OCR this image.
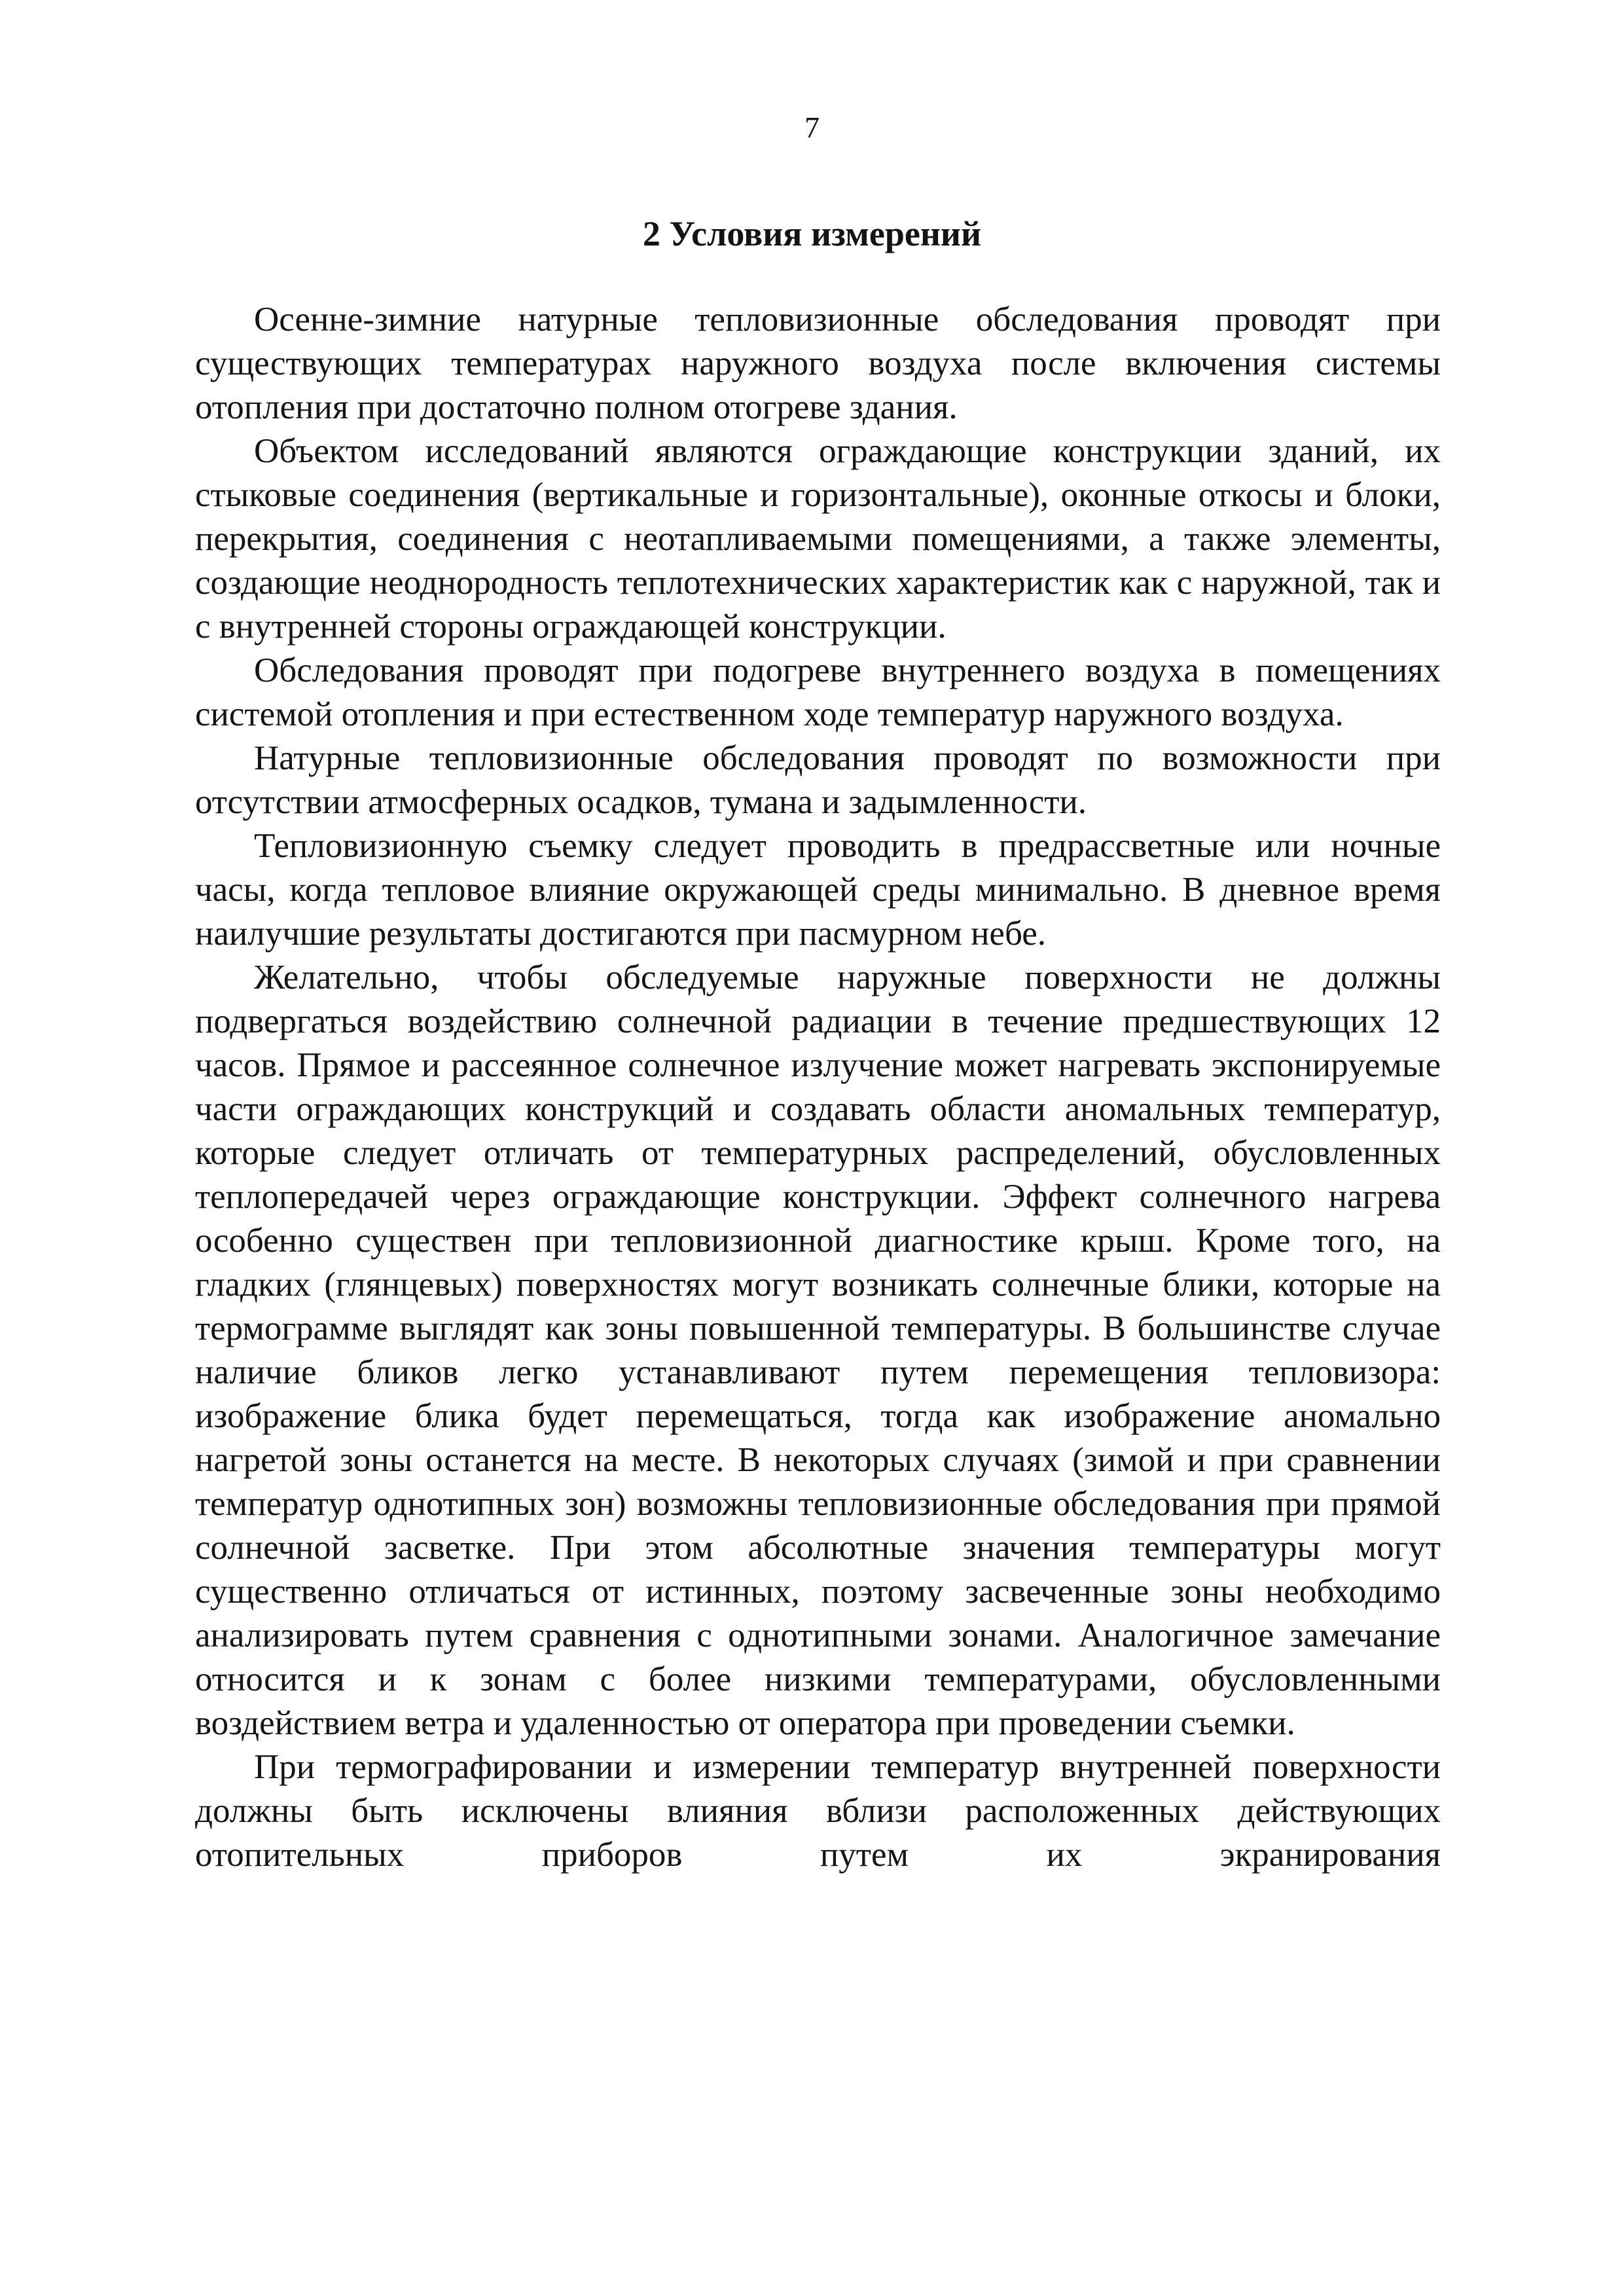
7
2 Условия измерений

Осенне-зимние натурные тепловизионные обследования проводят при существующих температурах наружного воздуха после включения системы отопления при достаточно полном отогреве здания.

Объектом исследований являются ограждающие конструкции зданий, их стыковые соединения (вертикальные и горизонтальные), оконные откосы и блоки, перекрытия, соединения с неотапливаемыми помещениями, а также элементы, создающие неоднородность теплотехнических характеристик как с наружной, так и с внутренней стороны ограждающей конструкции.

Обследования проводят при подогреве внутреннего воздуха в помещениях системой отопления и при естественном ходе температур наружного воздуха.

Натурные тепловизионные обследования проводят по возможности при отсутствии атмосферных осадков, тумана и задымленности.

Тепловизионную съемку следует проводить в предрассветные или ночные часы, когда тепловое влияние окружающей среды минимально. В дневное время наилучшие результаты достигаются при пасмурном небе.

Желательно, чтобы обследуемые наружные поверхности не должны подвергаться воздействию солнечной радиации в течение предшествующих 12 часов. Прямое и рассеянное солнечное излучение может нагревать экспонируемые части ограждающих конструкций и создавать области аномальных температур, которые следует отличать от температурных распределений, обусловленных теплопередачей через ограждающие конструкции. Эффект солнечного нагрева особенно существен при тепловизионной диагностике крыш. Кроме того, на гладких (глянцевых) поверхностях могут возникать солнечные блики, которые на термограмме выглядят как зоны повышенной температуры. В большинстве случае наличие бликов легко устанавливают путем перемещения тепловизора: изображение блика будет перемещаться, тогда как изображение аномально нагретой зоны останется на месте. В некоторых случаях (зимой и при сравнении температур однотипных зон) возможны тепловизионные обследования при прямой солнечной засветке. При этом абсолютные значения температуры могут существенно отличаться от истинных, поэтому засвеченные зоны необходимо анализировать путем сравнения с однотипными зонами. Аналогичное замечание относится и к зонам с более низкими температурами, обусловленными воздействием ветра и удаленностью от оператора при проведении съемки.

При термографировании и измерении температур внутренней поверхности должны быть исключены влияния вблизи расположенных действующих отопительных приборов путем их экранирования
